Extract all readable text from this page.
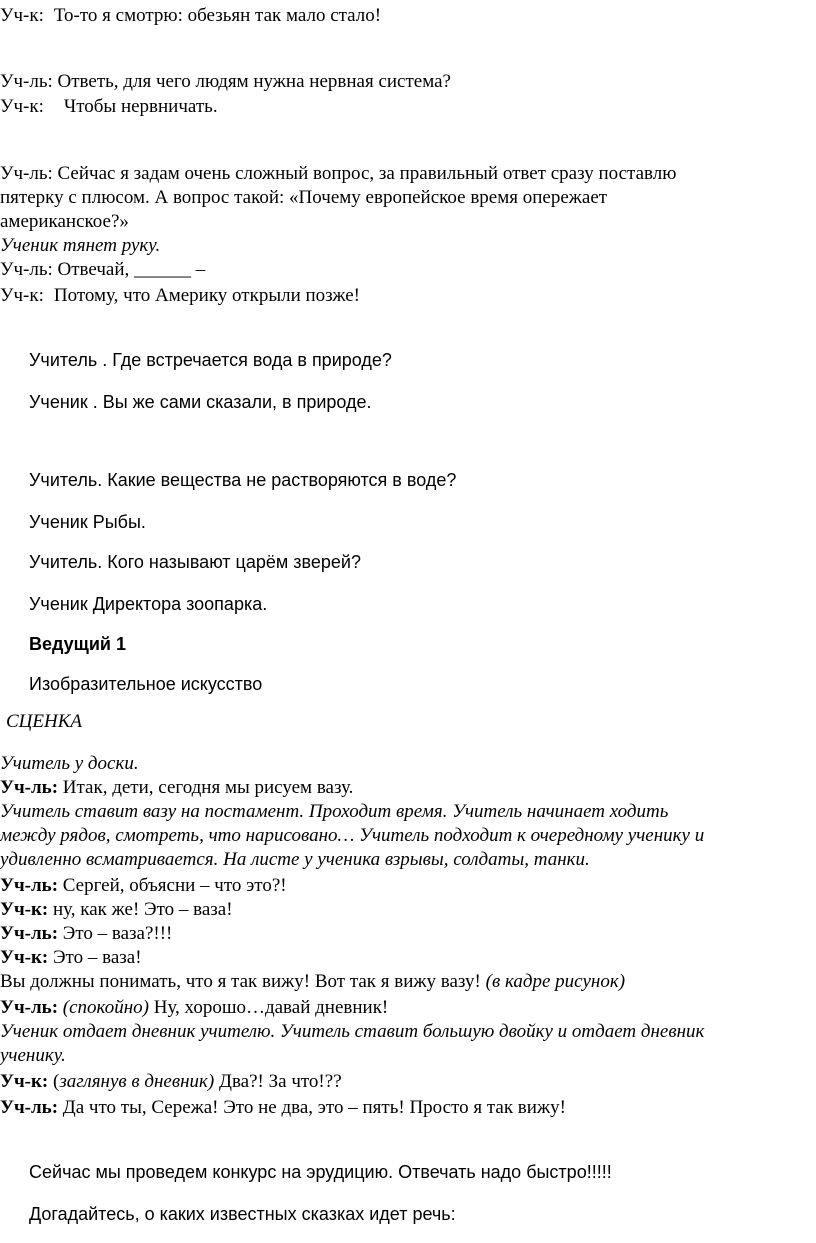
Уч-к: То-то я смотрю: обезьян так мало стало!
Уч-ль: Ответь, для чего людям нужна нервная система?
Уч-к: Чтобы нервничать.
Уч-ль: Сейчас я задам очень сложный вопрос, за правильный ответ сразу поставлю
пятерку с плюсом. А вопрос такой: «Почему европейское время опережает
американское?»
Ученик тянет руку.
Уч-ль: Отвечай, ______ –
Уч-к: Потому, что Америку открыли позже!
Учитель . Где встречается вода в природе?
Ученик . Вы же сами сказали, в природе.
Учитель. Какие вещества не растворяются в воде?
Ученик Рыбы.
Учитель. Кого называют царём зверей?
Ученик Директора зоопарка.
Ведущий 1
Изобразительное искусство
СЦЕНКА
Учитель у доски.
Уч-ль: Итак, дети, сегодня мы рисуем вазу.
Учитель ставит вазу на постамент. Проходит время. Учитель начинает ходить
между рядов, смотреть, что нарисовано… Учитель подходит к очередному ученику и
удивленно всматривается. На листе у ученика взрывы, солдаты, танки.
Уч-ль: Сергей, объясни – что это?!
Уч-к: ну, как же! Это – ваза!
Уч-ль: Это – ваза?!!!
Уч-к: Это – ваза!
Вы должны понимать, что я так вижу! Вот так я вижу вазу! (в кадре рисунок)
Уч-ль: (спокойно) Ну, хорошо…давай дневник!
Ученик отдает дневник учителю. Учитель ставит большую двойку и отдает дневник
ученику.
Уч-к: (заглянув в дневник) Два?! За что!??
Уч-ль: Да что ты, Сережа! Это не два, это – пять! Просто я так вижу!
Сейчас мы проведем конкурс на эрудицию. Отвечать надо быстро!!!!!
Догадайтесь, о каких известных сказках идет речь:
